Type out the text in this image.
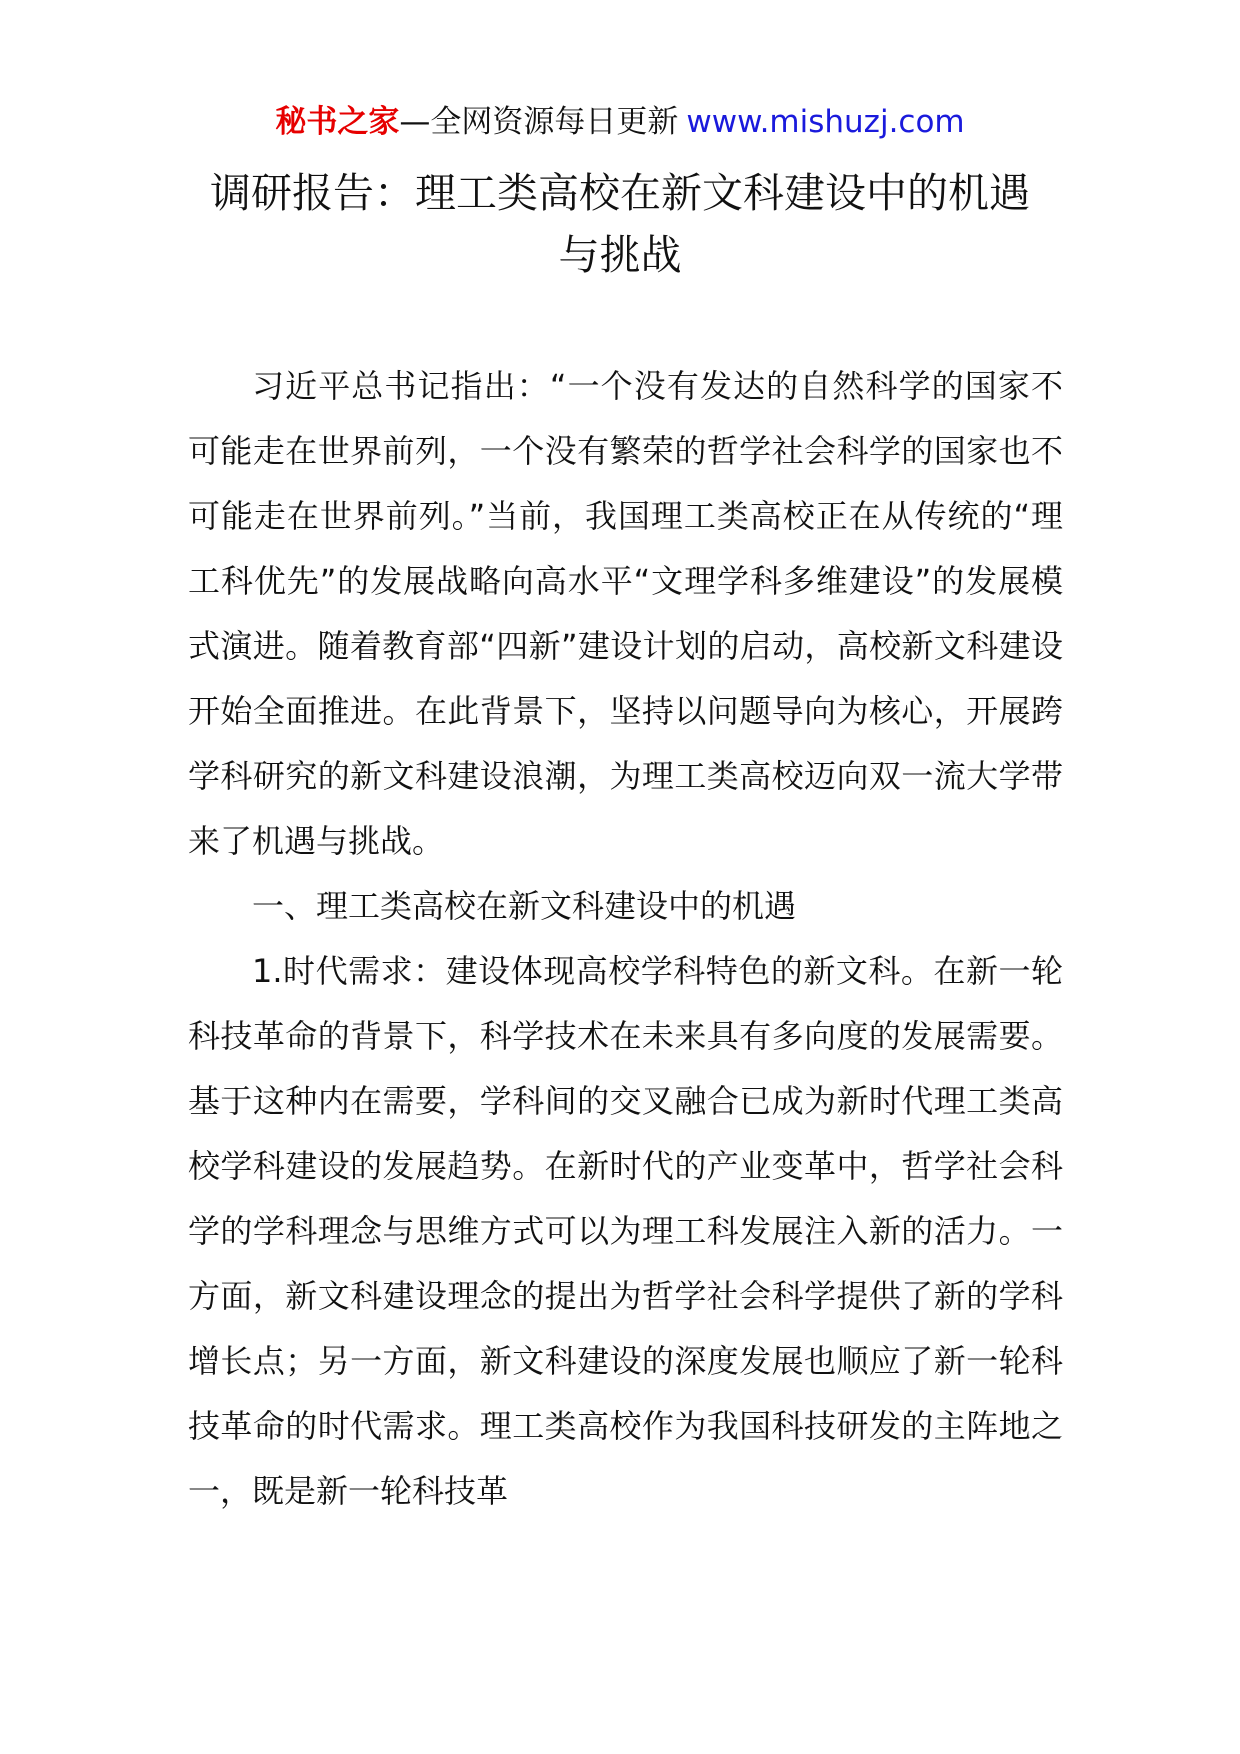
秘书之家—全网资源每日更新 www.mishuzj.com
调研报告：理工类高校在新文科建设中的机遇
与挑战

习近平总书记指出：“一个没有发达的自然科学的国家不可能走在世界前列，一个没有繁荣的哲学社会科学的国家也不可能走在世界前列。”当前，我国理工类高校正在从传统的“理工科优先”的发展战略向高水平“文理学科多维建设”的发展模式演进。随着教育部“四新”建设计划的启动，高校新文科建设开始全面推进。在此背景下，坚持以问题导向为核心，开展跨学科研究的新文科建设浪潮，为理工类高校迈向双一流大学带来了机遇与挑战。

一、理工类高校在新文科建设中的机遇

1.时代需求：建设体现高校学科特色的新文科。在新一轮科技革命的背景下，科学技术在未来具有多向度的发展需要。基于这种内在需要，学科间的交叉融合已成为新时代理工类高校学科建设的发展趋势。在新时代的产业变革中，哲学社会科学的学科理念与思维方式可以为理工科发展注入新的活力。一方面，新文科建设理念的提出为哲学社会科学提供了新的学科增长点；另一方面，新文科建设的深度发展也顺应了新一轮科技革命的时代需求。理工类高校作为我国科技研发的主阵地之一，既是新一轮科技革
